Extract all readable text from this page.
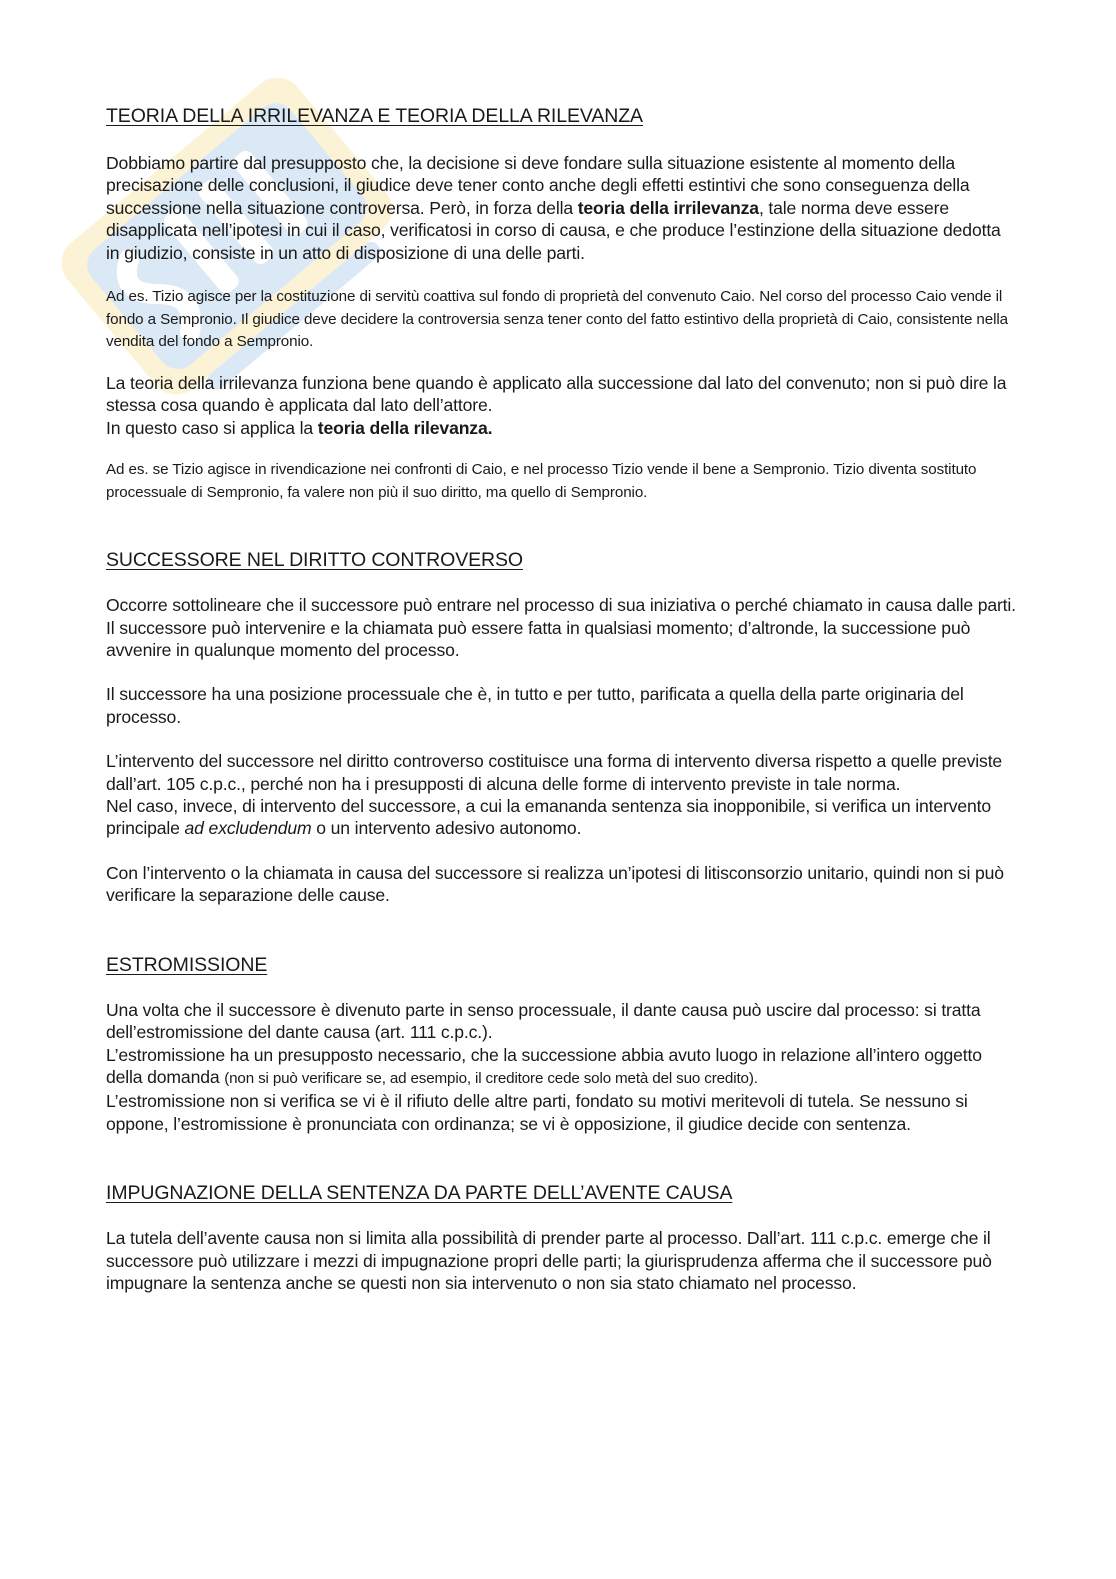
TEORIA DELLA IRRILEVANZA E TEORIA DELLA RILEVANZA

Dobbiamo partire dal presupposto che, la decisione si deve fondare sulla situazione esistente al momento della precisazione delle conclusioni, il giudice deve tener conto anche degli effetti estintivi che sono conseguenza della successione nella situazione controversa. Però, in forza della teoria della irrilevanza, tale norma deve essere disapplicata nell’ipotesi in cui il caso, verificatosi in corso di causa, e che produce l’estinzione della situazione dedotta in giudizio, consiste in un atto di disposizione di una delle parti.

Ad es. Tizio agisce per la costituzione di servitù coattiva sul fondo di proprietà del convenuto Caio. Nel corso del processo Caio vende il fondo a Sempronio. Il giudice deve decidere la controversia senza tener conto del fatto estintivo della proprietà di Caio, consistente nella vendita del fondo a Sempronio.

La teoria della irrilevanza funziona bene quando è applicato alla successione dal lato del convenuto; non si può dire la stessa cosa quando è applicata dal lato dell’attore.

In questo caso si applica la teoria della rilevanza.

Ad es. se Tizio agisce in rivendicazione nei confronti di Caio, e nel processo Tizio vende il bene a Sempronio. Tizio diventa sostituto processuale di Sempronio, fa valere non più il suo diritto, ma quello di Sempronio.

SUCCESSORE NEL DIRITTO CONTROVERSO

Occorre sottolineare che il successore può entrare nel processo di sua iniziativa o perché chiamato in causa dalle parti. Il successore può intervenire e la chiamata può essere fatta in qualsiasi momento; d’altronde, la successione può avvenire in qualunque momento del processo.

Il successore ha una posizione processuale che è, in tutto e per tutto, parificata a quella della parte originaria del processo.

L’intervento del successore nel diritto controverso costituisce una forma di intervento diversa rispetto a quelle previste dall’art. 105 c.p.c., perché non ha i presupposti di alcuna delle forme di intervento previste in tale norma.

Nel caso, invece, di intervento del successore, a cui la emananda sentenza sia inopponibile, si verifica un intervento principale ad excludendum o un intervento adesivo autonomo.

Con l’intervento o la chiamata in causa del successore si realizza un’ipotesi di litisconsorzio unitario, quindi non si può verificare la separazione delle cause.

ESTROMISSIONE

Una volta che il successore è divenuto parte in senso processuale, il dante causa può uscire dal processo: si tratta dell’estromissione del dante causa (art. 111 c.p.c.).

L’estromissione ha un presupposto necessario, che la successione abbia avuto luogo in relazione all’intero oggetto della domanda (non si può verificare se, ad esempio, il creditore cede solo metà del suo credito).

L’estromissione non si verifica se vi è il rifiuto delle altre parti, fondato su motivi meritevoli di tutela. Se nessuno si oppone, l’estromissione è pronunciata con ordinanza; se vi è opposizione, il giudice decide con sentenza.

IMPUGNAZIONE DELLA SENTENZA DA PARTE DELL’AVENTE CAUSA

La tutela dell’avente causa non si limita alla possibilità di prender parte al processo. Dall’art. 111 c.p.c. emerge che il successore può utilizzare i mezzi di impugnazione propri delle parti; la giurisprudenza afferma che il successore può impugnare la sentenza anche se questi non sia intervenuto o non sia stato chiamato nel processo.
